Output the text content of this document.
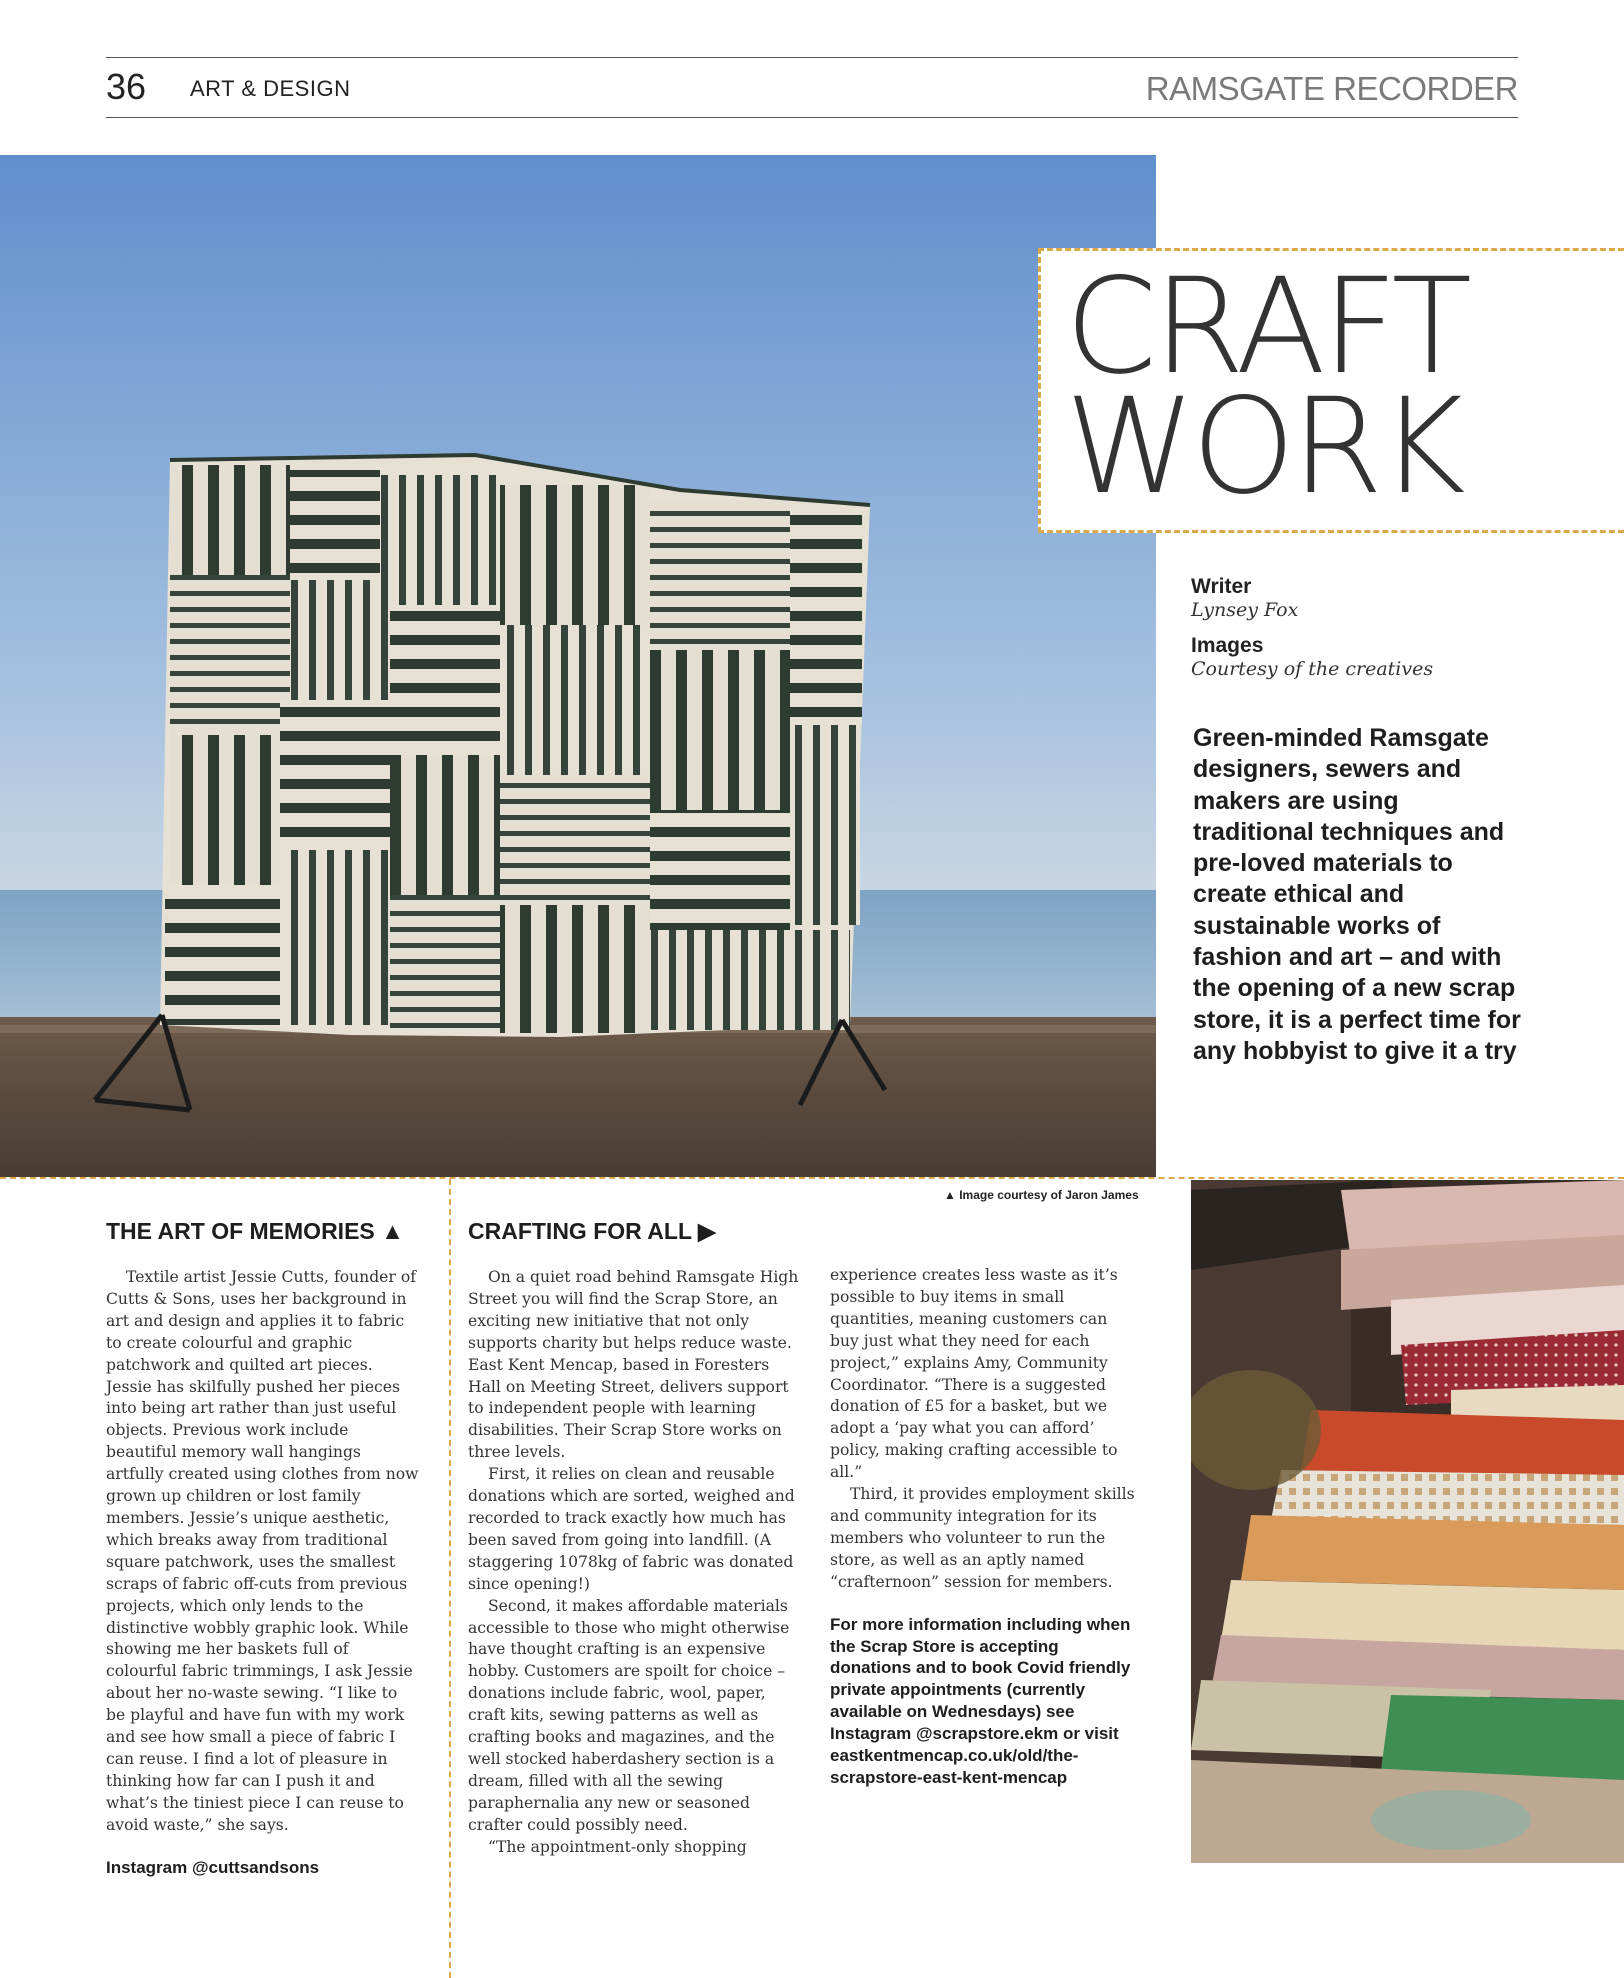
36 ART & DESIGN	RAMSGATE RECORDER
CRAFT
WORK
Writer
Lynsey Fox
Images
Courtesy of the creatives
Green-minded Ramsgate designers, sewers and makers are using traditional techniques and pre-loved materials to create ethical and sustainable works of fashion and art – and with the opening of a new scrap store, it is a perfect time for any hobbyist to give it a try
▲ Image courtesy of Jaron James
THE ART OF MEMORIES ▲

Textile artist Jessie Cutts, founder of Cutts & Sons, uses her background in art and design and applies it to fabric to create colourful and graphic patchwork and quilted art pieces. Jessie has skilfully pushed her pieces into being art rather than just useful objects. Previous work include beautiful memory wall hangings artfully created using clothes from now grown up children or lost family members. Jessie’s unique aesthetic, which breaks away from traditional square patchwork, uses the smallest scraps of fabric off-cuts from previous projects, which only lends to the distinctive wobbly graphic look. While showing me her baskets full of colourful fabric trimmings, I ask Jessie about her no-waste sewing. “I like to be playful and have fun with my work and see how small a piece of fabric I can reuse. I find a lot of pleasure in thinking how far can I push it and what’s the tiniest piece I can reuse to avoid waste,” she says.

Instagram @cuttsandsons

CRAFTING FOR ALL ▶

On a quiet road behind Ramsgate High Street you will find the Scrap Store, an exciting new initiative that not only supports charity but helps reduce waste. East Kent Mencap, based in Foresters Hall on Meeting Street, delivers support to independent people with learning disabilities. Their Scrap Store works on three levels.

First, it relies on clean and reusable donations which are sorted, weighed and recorded to track exactly how much has been saved from going into landfill. (A staggering 1078kg of fabric was donated since opening!)

Second, it makes affordable materials accessible to those who might otherwise have thought crafting is an expensive hobby. Customers are spoilt for choice – donations include fabric, wool, paper, craft kits, sewing patterns as well as crafting books and magazines, and the well stocked haberdashery section is a dream, filled with all the sewing paraphernalia any new or seasoned crafter could possibly need.

“The appointment-only shopping

experience creates less waste as it’s possible to buy items in small quantities, meaning customers can buy just what they need for each project,” explains Amy, Community Coordinator. “There is a suggested donation of £5 for a basket, but we adopt a ‘pay what you can afford’ policy, making crafting accessible to all.”

Third, it provides employment skills and community integration for its members who volunteer to run the store, as well as an aptly named “crafternoon” session for members.

For more information including when the Scrap Store is accepting donations and to book Covid friendly private appointments (currently available on Wednesdays) see Instagram @scrapstore.ekm or visit eastkentmencap.co.uk/old/the-scrapstore-east-kent-mencap
